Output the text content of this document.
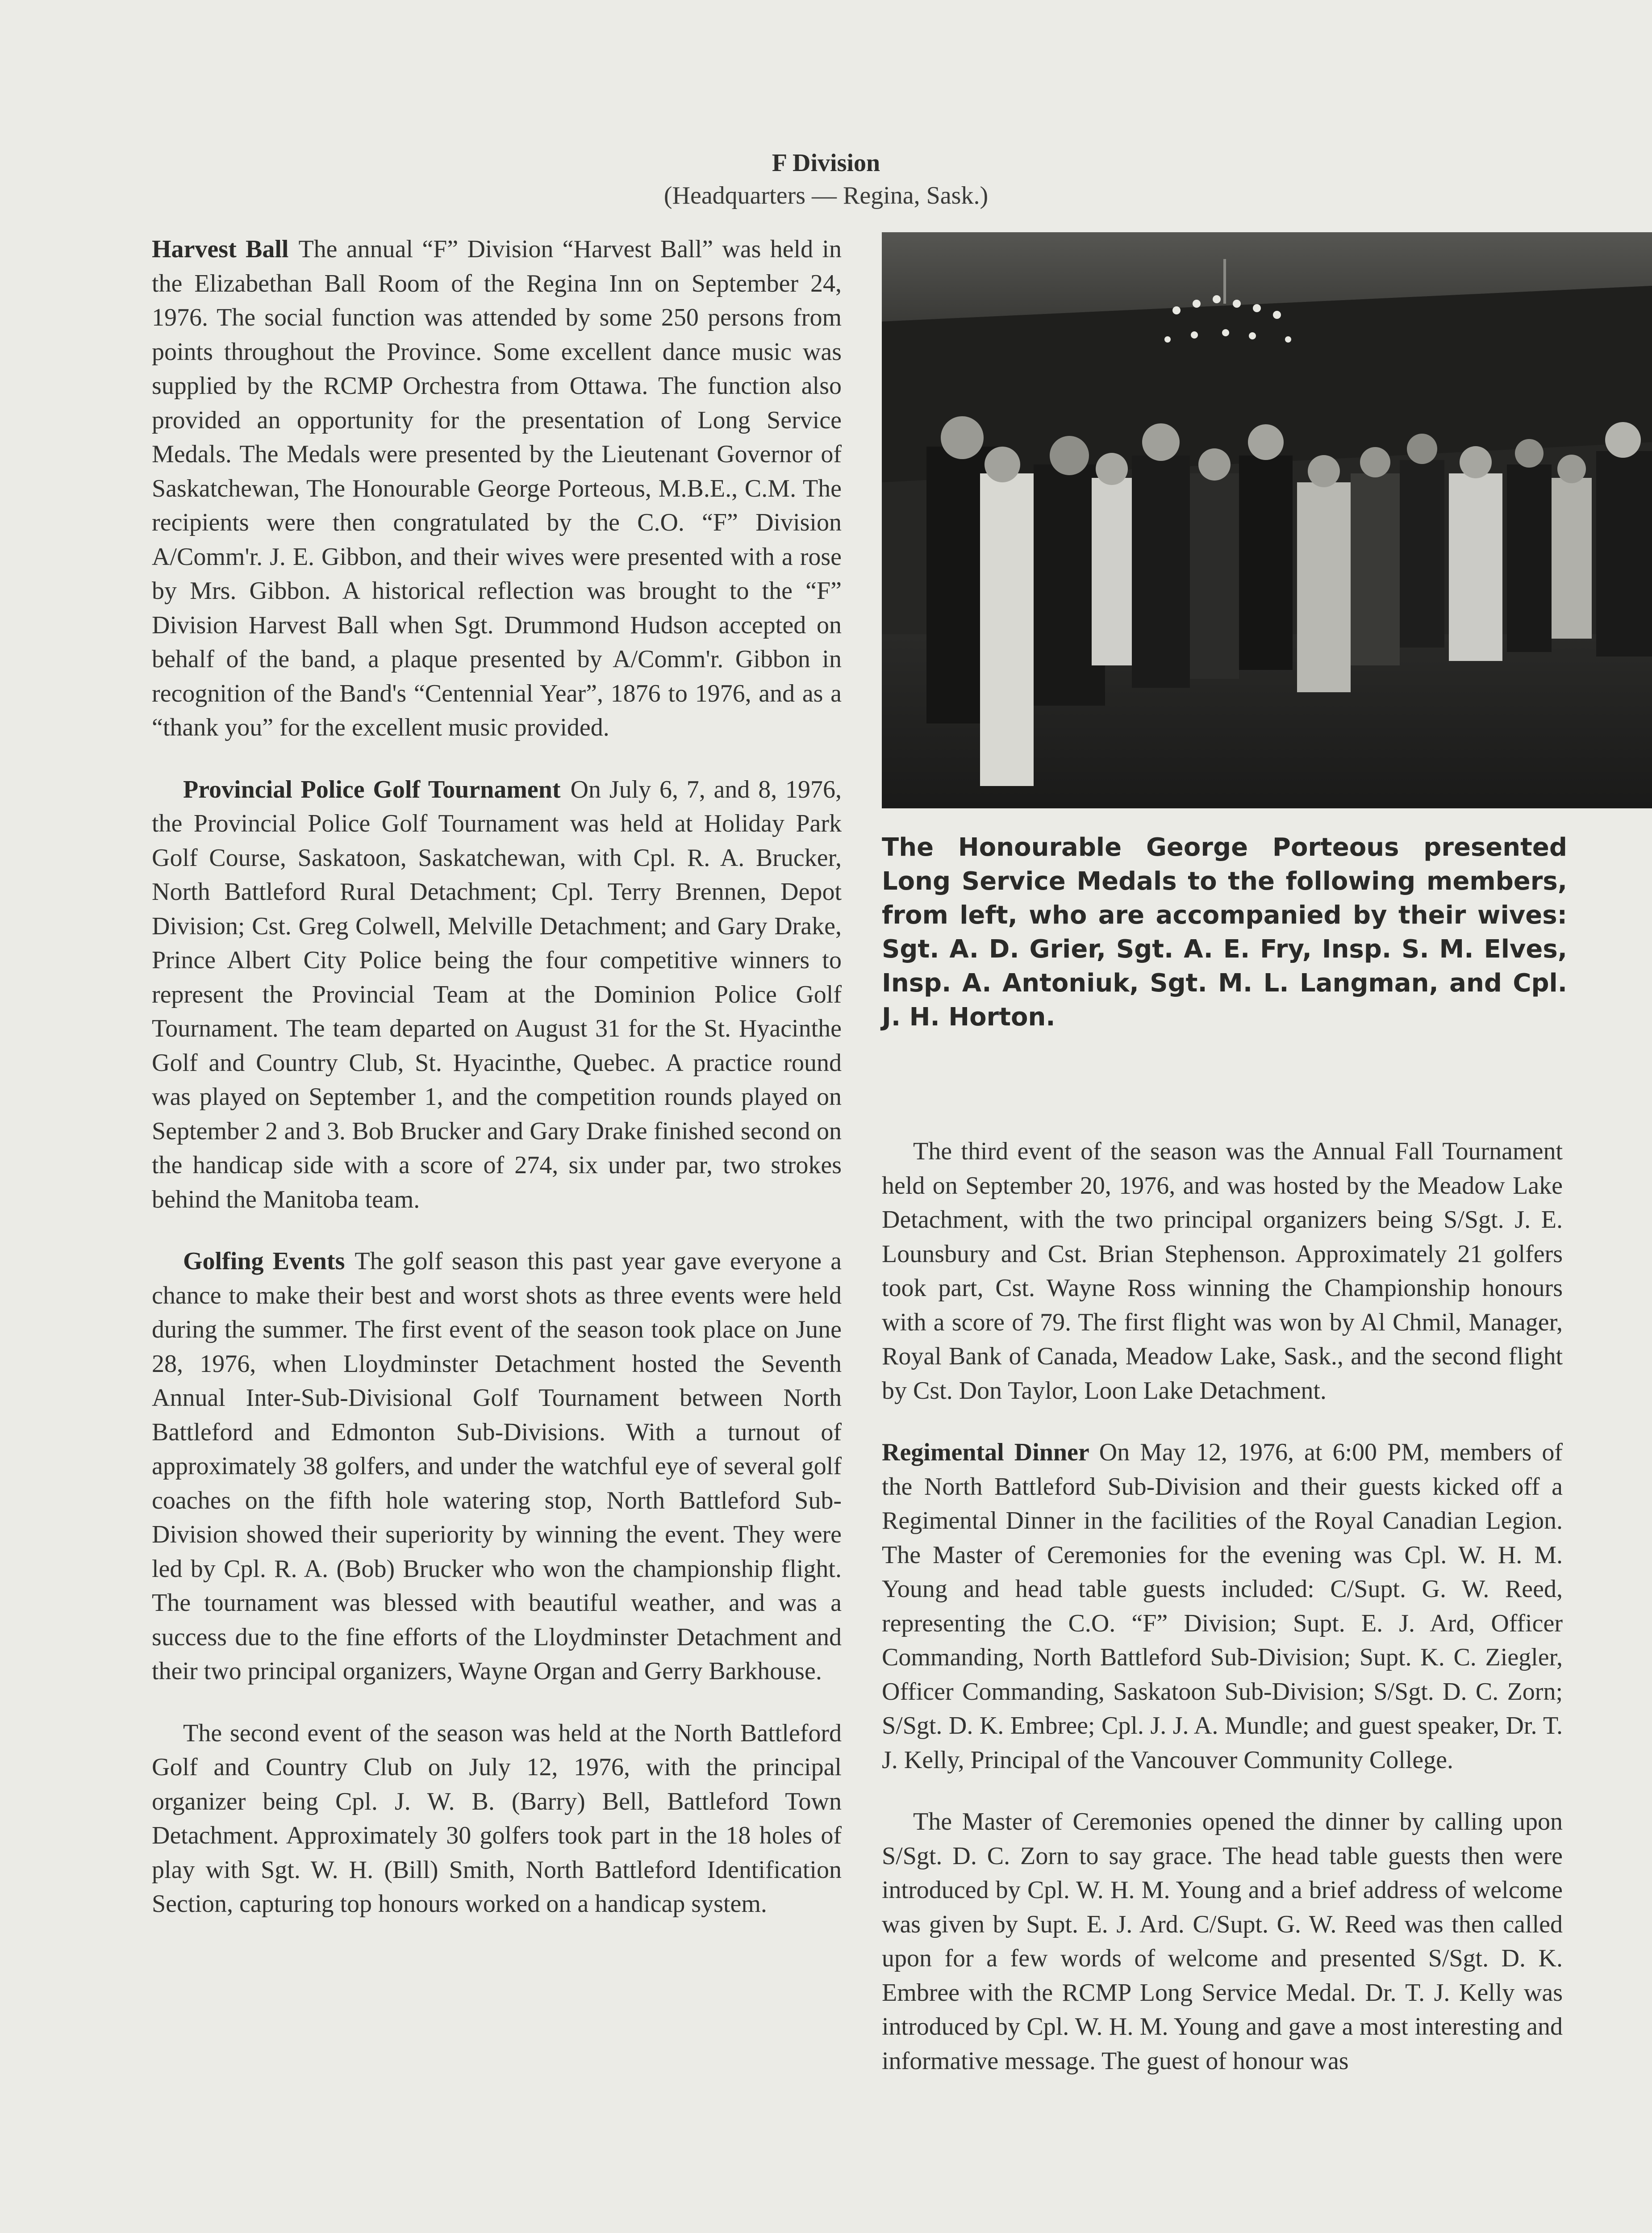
F Division
(Headquarters — Regina, Sask.)

Harvest Ball The annual “F” Division “Harvest Ball” was held in the Elizabethan Ball Room of the Regina Inn on September 24, 1976. The social function was attended by some 250 persons from points throughout the Province. Some excellent dance music was supplied by the RCMP Orchestra from Ottawa. The function also provided an opportunity for the presentation of Long Service Medals. The Medals were presented by the Lieutenant Governor of Saskatchewan, The Honourable George Porteous, M.B.E., C.M. The recipients were then congratulated by the C.O. “F” Division A/Comm'r. J. E. Gibbon, and their wives were presented with a rose by Mrs. Gibbon. A historical reflection was brought to the “F” Division Harvest Ball when Sgt. Drummond Hudson accepted on behalf of the band, a plaque presented by A/Comm'r. Gibbon in recognition of the Band's “Centennial Year”, 1876 to 1976, and as a “thank you” for the excellent music provided.

Provincial Police Golf Tournament On July 6, 7, and 8, 1976, the Provincial Police Golf Tournament was held at Holiday Park Golf Course, Saskatoon, Saskatchewan, with Cpl. R. A. Brucker, North Battleford Rural Detachment; Cpl. Terry Brennen, Depot Division; Cst. Greg Colwell, Melville Detachment; and Gary Drake, Prince Albert City Police being the four competitive winners to represent the Provincial Team at the Dominion Police Golf Tournament. The team departed on August 31 for the St. Hyacinthe Golf and Country Club, St. Hyacinthe, Quebec. A practice round was played on September 1, and the competition rounds played on September 2 and 3. Bob Brucker and Gary Drake finished second on the handicap side with a score of 274, six under par, two strokes behind the Manitoba team.

Golfing Events The golf season this past year gave everyone a chance to make their best and worst shots as three events were held during the summer. The first event of the season took place on June 28, 1976, when Lloydminster Detachment hosted the Seventh Annual Inter-Sub-Divisional Golf Tournament between North Battleford and Edmonton Sub-Divisions. With a turnout of approximately 38 golfers, and under the watchful eye of several golf coaches on the fifth hole watering stop, North Battleford Sub-Division showed their superiority by winning the event. They were led by Cpl. R. A. (Bob) Brucker who won the championship flight. The tournament was blessed with beautiful weather, and was a success due to the fine efforts of the Lloydminster Detachment and their two principal organizers, Wayne Organ and Gerry Barkhouse.

The second event of the season was held at the North Battleford Golf and Country Club on July 12, 1976, with the principal organizer being Cpl. J. W. B. (Barry) Bell, Battleford Town Detachment. Approximately 30 golfers took part in the 18 holes of play with Sgt. W. H. (Bill) Smith, North Battleford Identification Section, capturing top honours worked on a handicap system.

The Honourable George Porteous presented Long Service Medals to the following members, from left, who are accompanied by their wives: Sgt. A. D. Grier, Sgt. A. E. Fry, Insp. S. M. Elves, Insp. A. Antoniuk, Sgt. M. L. Langman, and Cpl. J. H. Horton.

The third event of the season was the Annual Fall Tournament held on September 20, 1976, and was hosted by the Meadow Lake Detachment, with the two principal organizers being S/Sgt. J. E. Lounsbury and Cst. Brian Stephenson. Approximately 21 golfers took part, Cst. Wayne Ross winning the Championship honours with a score of 79. The first flight was won by Al Chmil, Manager, Royal Bank of Canada, Meadow Lake, Sask., and the second flight by Cst. Don Taylor, Loon Lake Detachment.

Regimental Dinner On May 12, 1976, at 6:00 PM, members of the North Battleford Sub-Division and their guests kicked off a Regimental Dinner in the facilities of the Royal Canadian Legion. The Master of Ceremonies for the evening was Cpl. W. H. M. Young and head table guests included: C/Supt. G. W. Reed, representing the C.O. “F” Division; Supt. E. J. Ard, Officer Commanding, North Battleford Sub-Division; Supt. K. C. Ziegler, Officer Commanding, Saskatoon Sub-Division; S/Sgt. D. C. Zorn; S/Sgt. D. K. Embree; Cpl. J. J. A. Mundle; and guest speaker, Dr. T. J. Kelly, Principal of the Vancouver Community College.

The Master of Ceremonies opened the dinner by calling upon S/Sgt. D. C. Zorn to say grace. The head table guests then were introduced by Cpl. W. H. M. Young and a brief address of welcome was given by Supt. E. J. Ard. C/Supt. G. W. Reed was then called upon for a few words of welcome and presented S/Sgt. D. K. Embree with the RCMP Long Service Medal. Dr. T. J. Kelly was introduced by Cpl. W. H. M. Young and gave a most interesting and informative message. The guest of honour was
